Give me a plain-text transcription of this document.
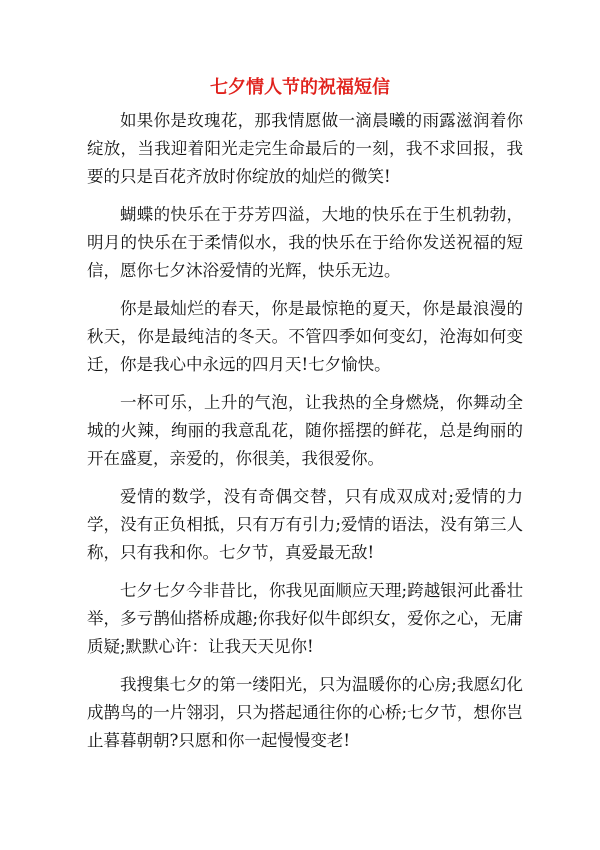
七夕情人节的祝福短信

如果你是玫瑰花，那我情愿做一滴晨曦的雨露滋润着你绽放，当我迎着阳光走完生命最后的一刻，我不求回报，我要的只是百花齐放时你绽放的灿烂的微笑!

蝴蝶的快乐在于芬芳四溢，大地的快乐在于生机勃勃，明月的快乐在于柔情似水，我的快乐在于给你发送祝福的短信，愿你七夕沐浴爱情的光辉，快乐无边。

你是最灿烂的春天，你是最惊艳的夏天，你是最浪漫的秋天，你是最纯洁的冬天。不管四季如何变幻，沧海如何变迁，你是我心中永远的四月天!七夕愉快。

一杯可乐，上升的气泡，让我热的全身燃烧，你舞动全城的火辣，绚丽的我意乱花，随你摇摆的鲜花，总是绚丽的开在盛夏，亲爱的，你很美，我很爱你。

爱情的数学，没有奇偶交替，只有成双成对;爱情的力学，没有正负相抵，只有万有引力;爱情的语法，没有第三人称，只有我和你。七夕节，真爱最无敌!

七夕七夕今非昔比，你我见面顺应天理;跨越银河此番壮举，多亏鹊仙搭桥成趣;你我好似牛郎织女，爱你之心，无庸质疑;默默心许：让我天天见你!

我搜集七夕的第一缕阳光，只为温暖你的心房;我愿幻化成鹊鸟的一片翎羽，只为搭起通往你的心桥;七夕节，想你岂止暮暮朝朝?只愿和你一起慢慢变老!
